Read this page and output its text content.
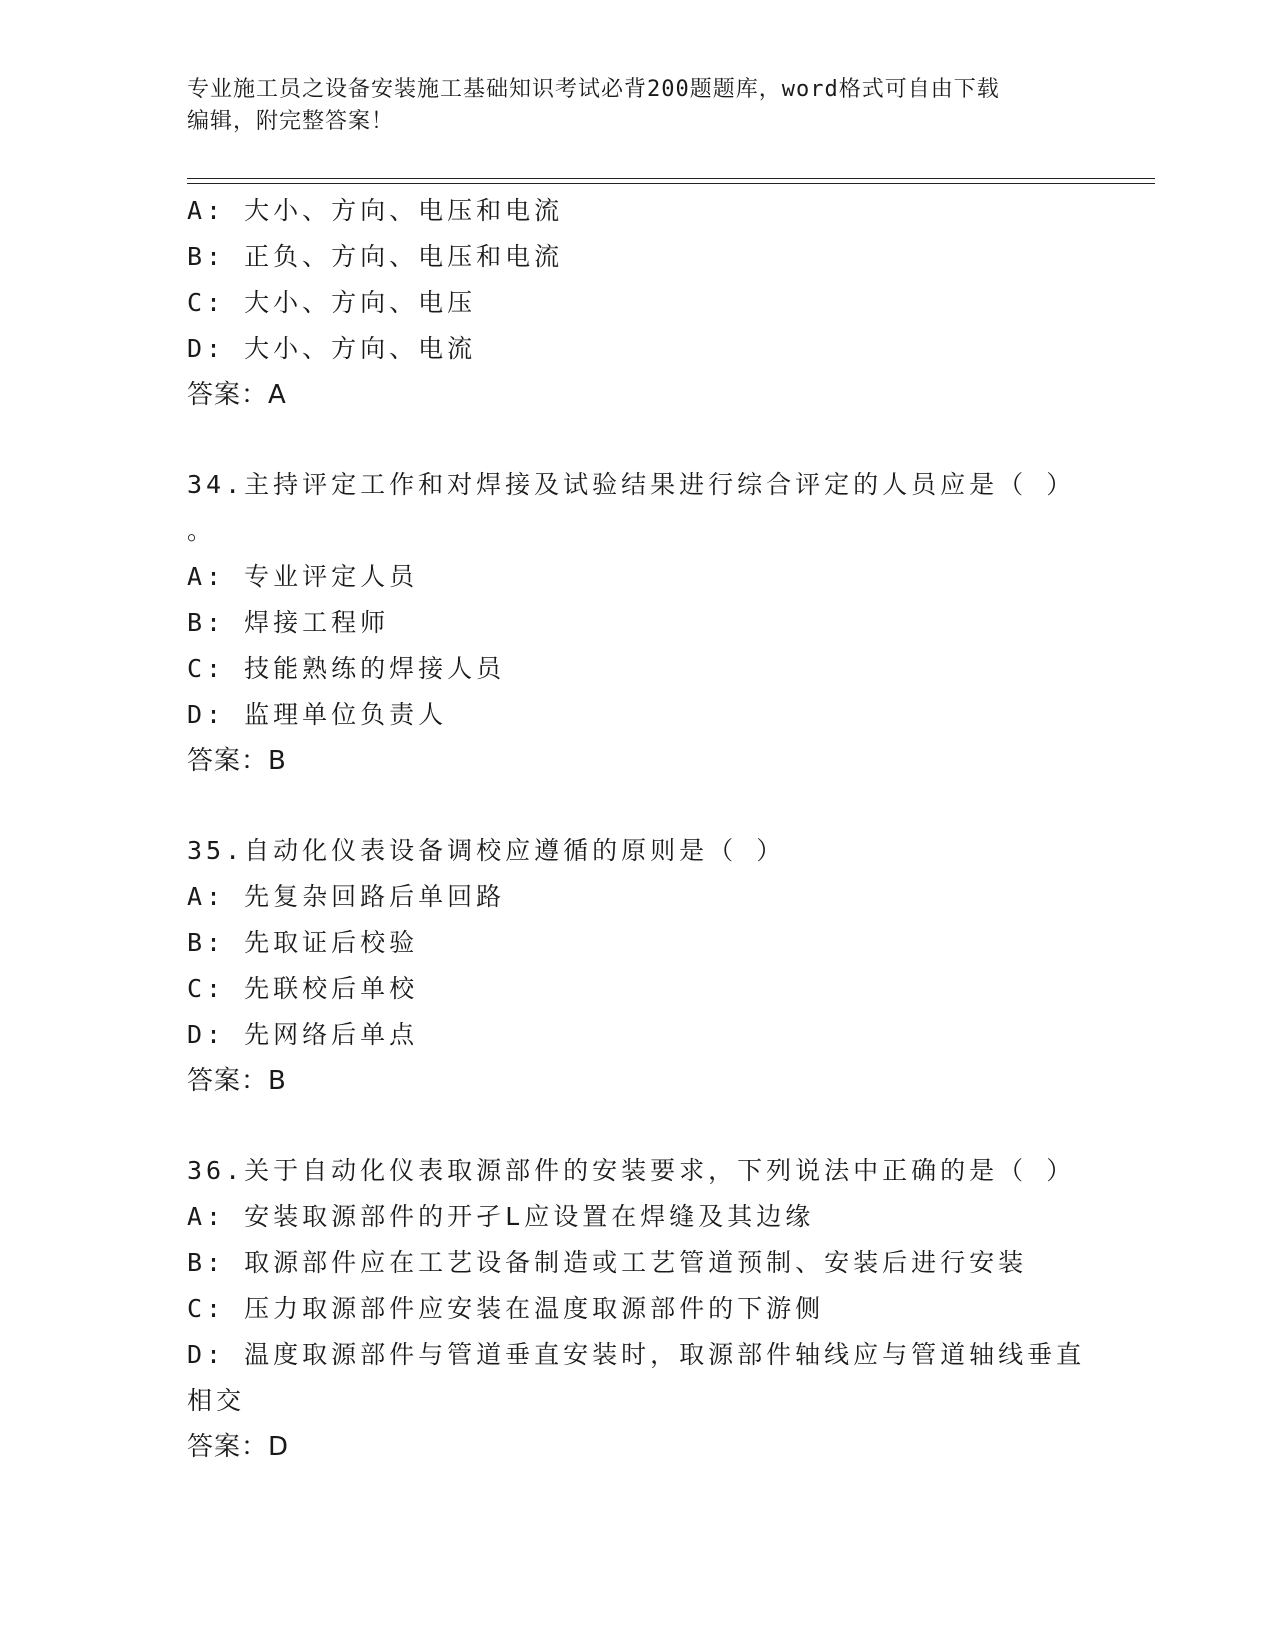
专业施工员之设备安装施工基础知识考试必背200题题库，word格式可自由下载
编辑，附完整答案！
A: 大小、方向、电压和电流
B: 正负、方向、电压和电流
C: 大小、方向、电压
D: 大小、方向、电流
答案：A
34.主持评定工作和对焊接及试验结果进行综合评定的人员应是（ ）
。
A: 专业评定人员
B: 焊接工程师
C: 技能熟练的焊接人员
D: 监理单位负责人
答案：B
35.自动化仪表设备调校应遵循的原则是（ ）
A: 先复杂回路后单回路
B: 先取证后校验
C: 先联校后单校
D: 先网络后单点
答案：B
36.关于自动化仪表取源部件的安装要求，下列说法中正确的是（ ）
A: 安装取源部件的开孑L应设置在焊缝及其边缘
B: 取源部件应在工艺设备制造或工艺管道预制、安装后进行安装
C: 压力取源部件应安装在温度取源部件的下游侧
D: 温度取源部件与管道垂直安装时，取源部件轴线应与管道轴线垂直
相交
答案：D
